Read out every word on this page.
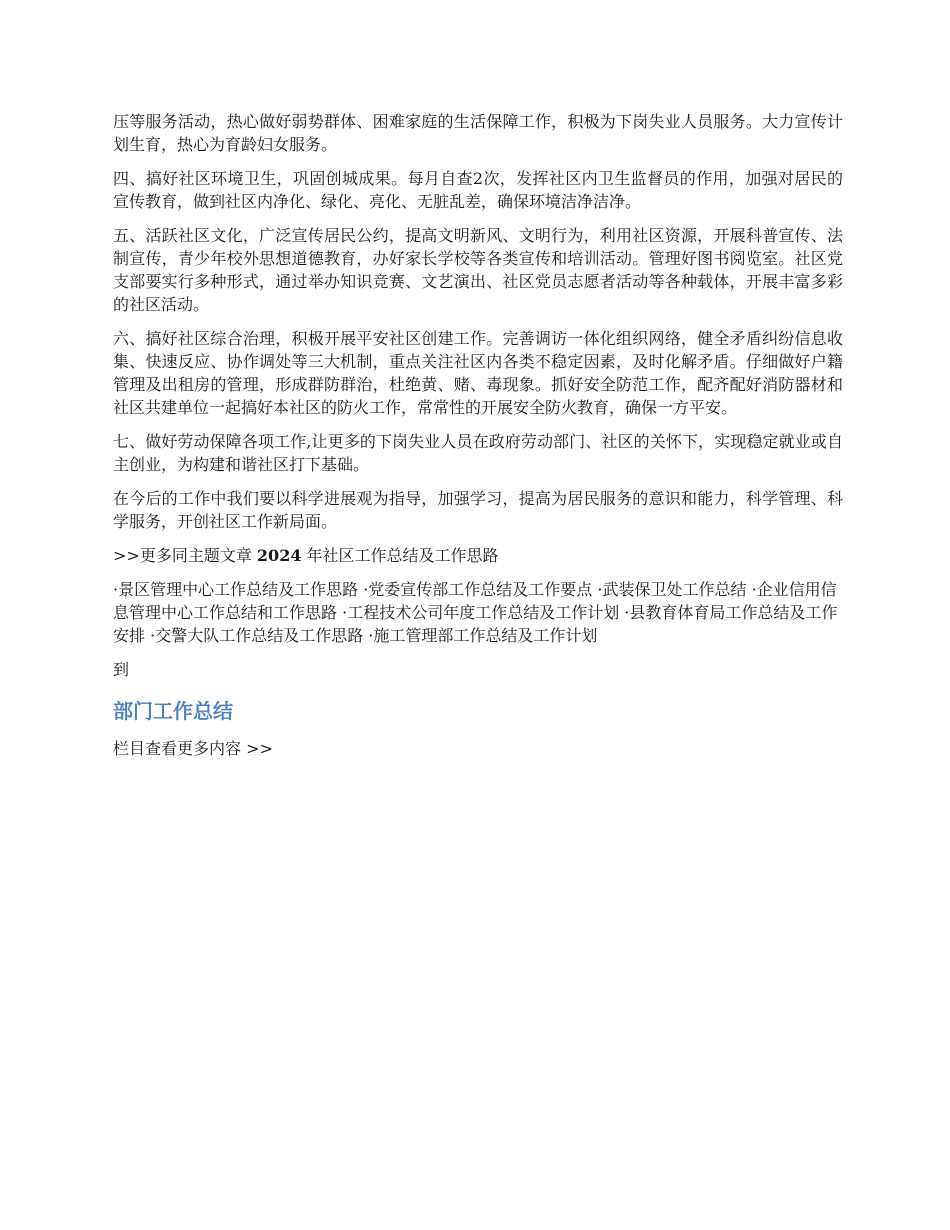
压等服务活动，热心做好弱势群体、困难家庭的生活保障工作，积极为下岗失业人员服务。大力宣传计划生育，热心为育龄妇女服务。

四、搞好社区环境卫生，巩固创城成果。每月自查2次，发挥社区内卫生监督员的作用，加强对居民的宣传教育，做到社区内净化、绿化、亮化、无脏乱差，确保环境洁净洁净。

五、活跃社区文化，广泛宣传居民公约，提高文明新风、文明行为，利用社区资源，开展科普宣传、法制宣传，青少年校外思想道德教育，办好家长学校等各类宣传和培训活动。管理好图书阅览室。社区党支部要实行多种形式，通过举办知识竞赛、文艺演出、社区党员志愿者活动等各种载体，开展丰富多彩的社区活动。

六、搞好社区综合治理，积极开展平安社区创建工作。完善调访一体化组织网络，健全矛盾纠纷信息收集、快速反应、协作调处等三大机制，重点关注社区内各类不稳定因素，及时化解矛盾。仔细做好户籍管理及出租房的管理，形成群防群治，杜绝黄、赌、毒现象。抓好安全防范工作，配齐配好消防器材和社区共建单位一起搞好本社区的防火工作，常常性的开展安全防火教育，确保一方平安。

七、做好劳动保障各项工作,让更多的下岗失业人员在政府劳动部门、社区的关怀下，实现稳定就业或自主创业，为构建和谐社区打下基础。

在今后的工作中我们要以科学进展观为指导，加强学习，提高为居民服务的意识和能力，科学管理、科学服务，开创社区工作新局面。

>>更多同主题文章 2024 年社区工作总结及工作思路
·景区管理中心工作总结及工作思路 ·党委宣传部工作总结及工作要点 ·武装保卫处工作总结 ·企业信用信息管理中心工作总结和工作思路 ·工程技术公司年度工作总结及工作计划 ·县教育体育局工作总结及工作安排 ·交警大队工作总结及工作思路 ·施工管理部工作总结及工作计划
到
部门工作总结
栏目查看更多内容 >>
